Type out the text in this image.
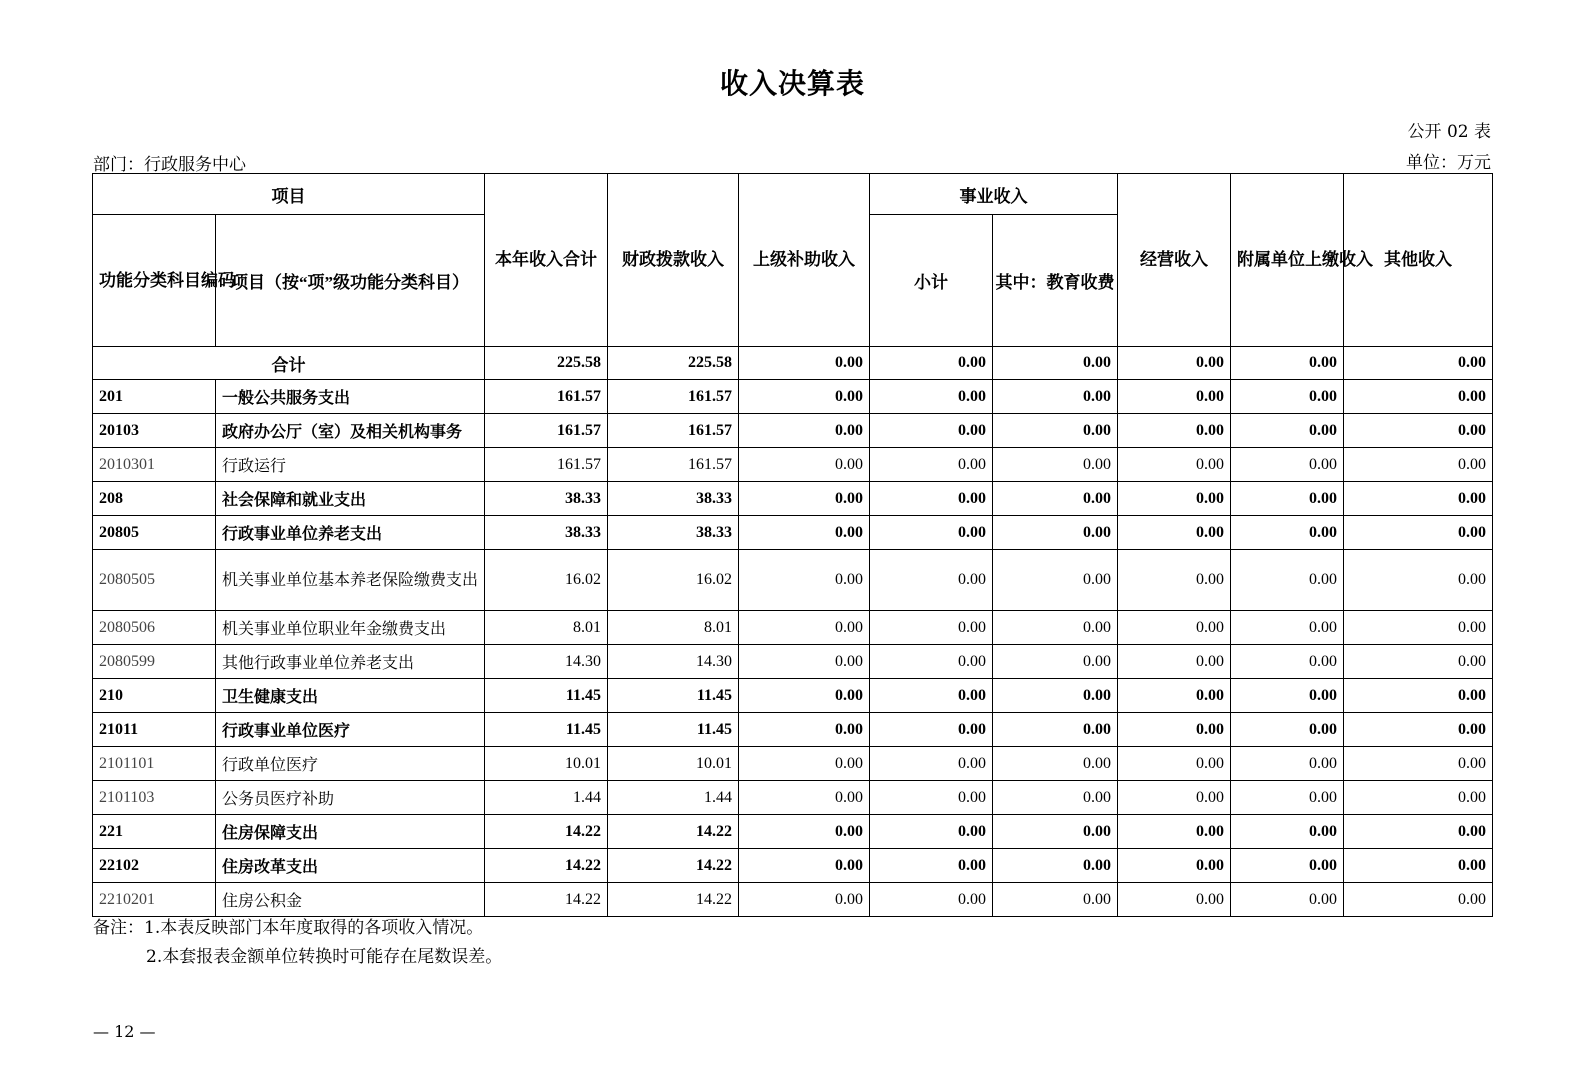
收入决算表
公开 02 表
部门：行政服务中心	单位：万元
项目		本年收入合计	财政拨款收入	上级补助收入	事业收入		经营收入	附属单位上缴收入	其他收入
功能分类科目编码	项目（按“项”级功能分类科目）				小计	其中：教育收费			
合计		225.58	225.58	0.00	0.00	0.00	0.00	0.00	0.00
201	一般公共服务支出	161.57	161.57	0.00	0.00	0.00	0.00	0.00	0.00
20103	政府办公厅（室）及相关机构事务	161.57	161.57	0.00	0.00	0.00	0.00	0.00	0.00
2010301	行政运行	161.57	161.57	0.00	0.00	0.00	0.00	0.00	0.00
208	社会保障和就业支出	38.33	38.33	0.00	0.00	0.00	0.00	0.00	0.00
20805	行政事业单位养老支出	38.33	38.33	0.00	0.00	0.00	0.00	0.00	0.00
2080505	机关事业单位基本养老保险缴费支出	16.02	16.02	0.00	0.00	0.00	0.00	0.00	0.00
2080506	机关事业单位职业年金缴费支出	8.01	8.01	0.00	0.00	0.00	0.00	0.00	0.00
2080599	其他行政事业单位养老支出	14.30	14.30	0.00	0.00	0.00	0.00	0.00	0.00
210	卫生健康支出	11.45	11.45	0.00	0.00	0.00	0.00	0.00	0.00
21011	行政事业单位医疗	11.45	11.45	0.00	0.00	0.00	0.00	0.00	0.00
2101101	行政单位医疗	10.01	10.01	0.00	0.00	0.00	0.00	0.00	0.00
2101103	公务员医疗补助	1.44	1.44	0.00	0.00	0.00	0.00	0.00	0.00
221	住房保障支出	14.22	14.22	0.00	0.00	0.00	0.00	0.00	0.00
22102	住房改革支出	14.22	14.22	0.00	0.00	0.00	0.00	0.00	0.00
2210201	住房公积金	14.22	14.22	0.00	0.00	0.00	0.00	0.00	0.00
备注：1.本表反映部门本年度取得的各项收入情况。
2.本套报表金额单位转换时可能存在尾数误差。
— 12 —
